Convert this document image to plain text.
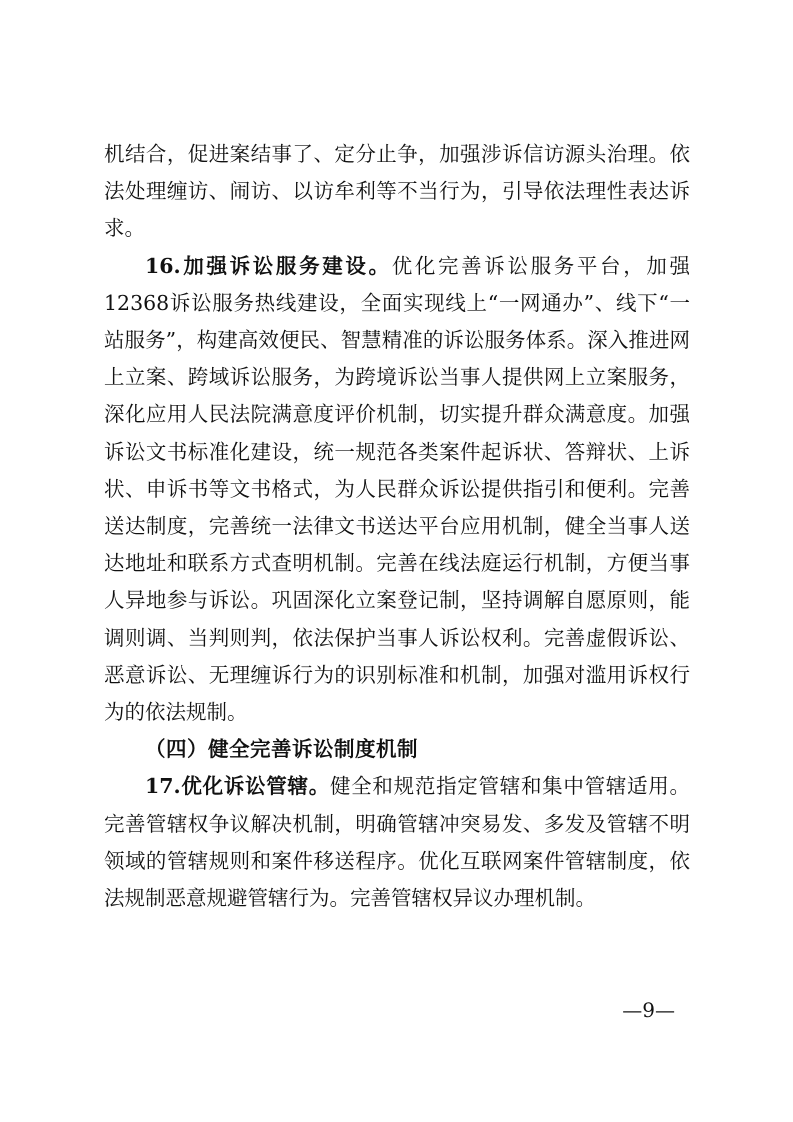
机结合，促进案结事了、定分止争，加强涉诉信访源头治理。依法处理缠访、闹访、以访牟利等不当行为，引导依法理性表达诉求。

16.加强诉讼服务建设。优化完善诉讼服务平台，加强12368诉讼服务热线建设，全面实现线上“一网通办”、线下“一站服务”，构建高效便民、智慧精准的诉讼服务体系。深入推进网上立案、跨域诉讼服务，为跨境诉讼当事人提供网上立案服务，深化应用人民法院满意度评价机制，切实提升群众满意度。加强诉讼文书标准化建设，统一规范各类案件起诉状、答辩状、上诉状、申诉书等文书格式，为人民群众诉讼提供指引和便利。完善送达制度，完善统一法律文书送达平台应用机制，健全当事人送达地址和联系方式查明机制。完善在线法庭运行机制，方便当事人异地参与诉讼。巩固深化立案登记制，坚持调解自愿原则，能调则调、当判则判，依法保护当事人诉讼权利。完善虚假诉讼、恶意诉讼、无理缠诉行为的识别标准和机制，加强对滥用诉权行为的依法规制。

（四）健全完善诉讼制度机制

17.优化诉讼管辖。健全和规范指定管辖和集中管辖适用。完善管辖权争议解决机制，明确管辖冲突易发、多发及管辖不明领域的管辖规则和案件移送程序。优化互联网案件管辖制度，依法规制恶意规避管辖行为。完善管辖权异议办理机制。

—9—
